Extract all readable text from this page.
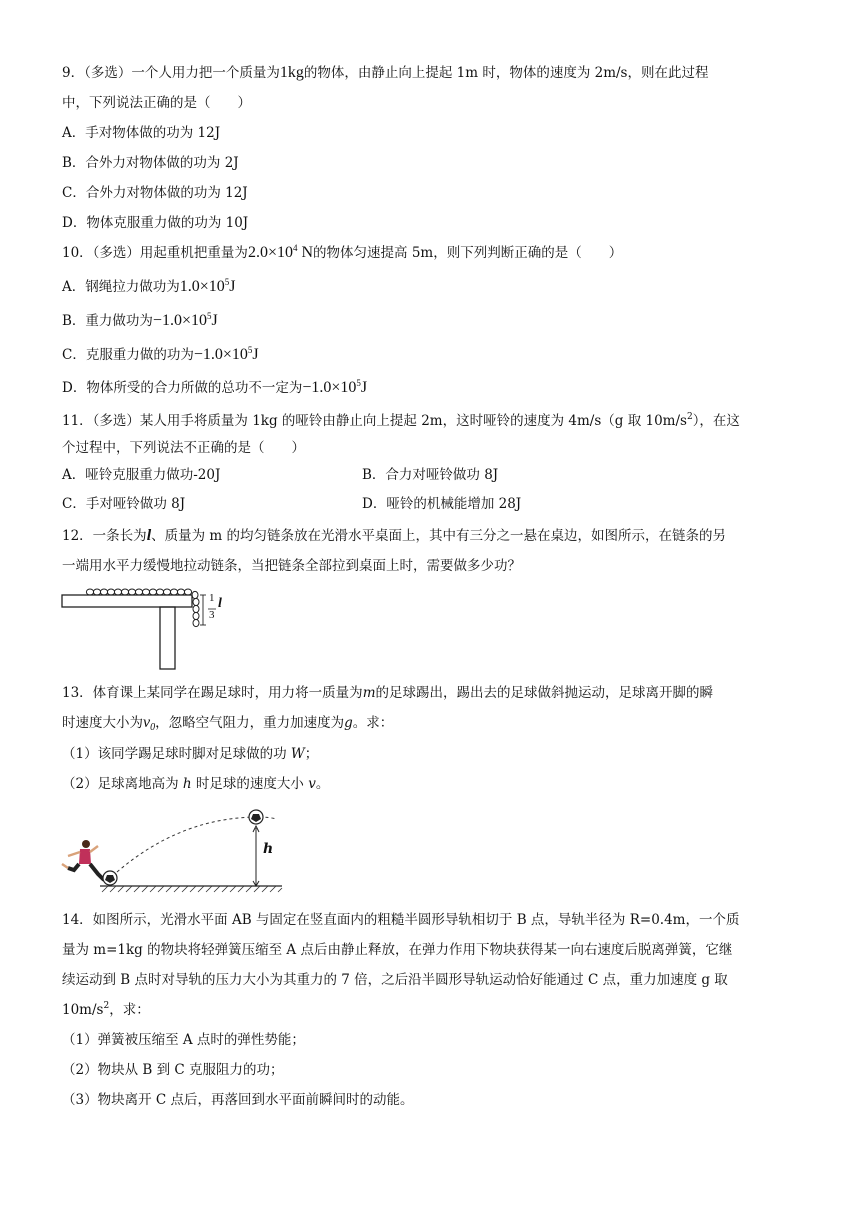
9．（多选）一个人用力把一个质量为1kg的物体，由静止向上提起 1m 时，物体的速度为 2m/s，则在此过程
中，下列说法正确的是（　　）
A．手对物体做的功为 12J
B．合外力对物体做的功为 2J
C．合外力对物体做的功为 12J
D．物体克服重力做的功为 10J
10．（多选）用起重机把重量为$2.0\times 10^4$ N的物体匀速提高 5m，则下列判断正确的是（　　）
A．钢绳拉力做功为$1.0\times 10^5J$
B．重力做功为$-1.0\times 10^5J$
C．克服重力做的功为$-1.0\times 10^5J$
D．物体所受的合力所做的总功不一定为$-1.0\times 10^5J$
11．（多选）某人用手将质量为 1kg 的哑铃由静止向上提起 2m，这时哑铃的速度为 4m/s（g 取 $10m/s^2$），在这
个过程中，下列说法不正确的是（　　）
A．哑铃克服重力做功-20J	B．合力对哑铃做功 8J
C．手对哑铃做功 8J	D．哑铃的机械能增加 28J
12．一条长为l、质量为 m 的均匀链条放在光滑水平桌面上，其中有三分之一悬在桌边，如图所示，在链条的另
一端用水平力缓慢地拉动链条，当把链条全部拉到桌面上时，需要做多少功？
1
3
l
13．体育课上某同学在踢足球时，用力将一质量为m的足球踢出，踢出去的足球做斜抛运动，足球离开脚的瞬
时速度大小为$v_0$，忽略空气阻力，重力加速度为g。求：
（1）该同学踢足球时脚对足球做的功 W；
（2）足球离地高为 h 时足球的速度大小 v。
h
14．如图所示，光滑水平面 AB 与固定在竖直面内的粗糙半圆形导轨相切于 B 点，导轨半径为 R=0.4m，一个质
量为 m=1kg 的物块将轻弹簧压缩至 A 点后由静止释放，在弹力作用下物块获得某一向右速度后脱离弹簧，它继
续运动到 B 点时对导轨的压力大小为其重力的 7 倍，之后沿半圆形导轨运动恰好能通过 C 点，重力加速度 g 取
$10m/s^2$，求：
（1）弹簧被压缩至 A 点时的弹性势能；
（2）物块从 B 到 C 克服阻力的功；
（3）物块离开 C 点后，再落回到水平面前瞬间时的动能。
